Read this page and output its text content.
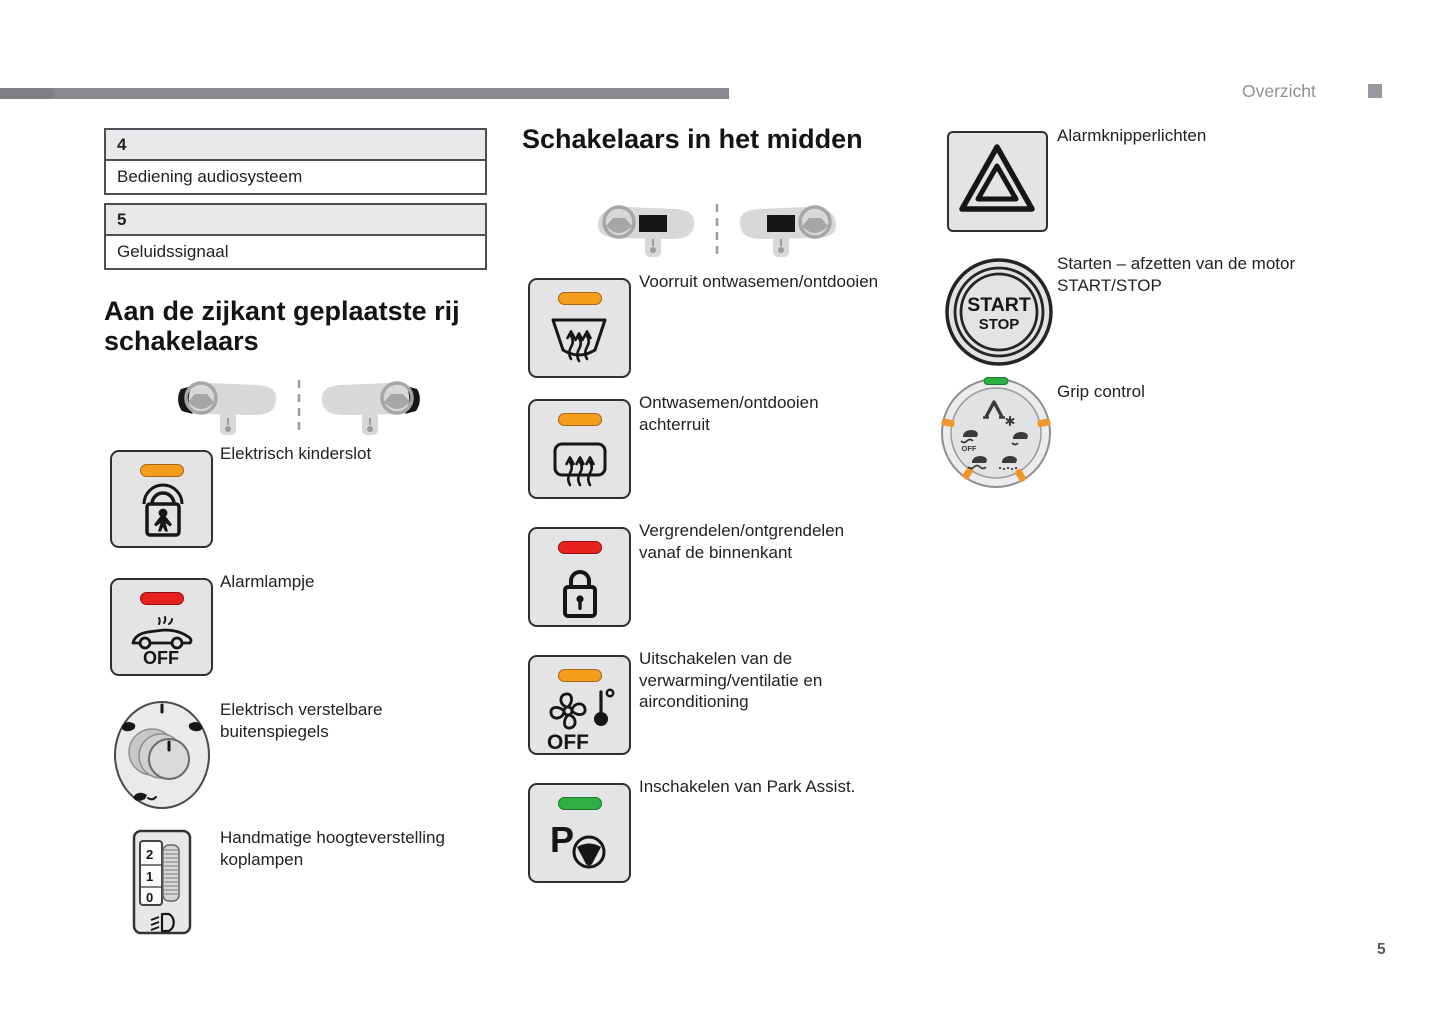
Overzicht
5
4
Bediening audiosysteem
5
Geluidssignaal
Aan de zijkant geplaatste rij
schakelaars
Elektrisch kinderslot
OFF
Alarmlampje
Elektrisch verstelbare
buitenspiegels
2
1
0
Handmatige hoogteverstelling
koplampen
Schakelaars in het midden
Voorruit ontwasemen/ontdooien
Ontwasemen/ontdooien
achterruit
Vergrendelen/ontgrendelen
vanaf de binnenkant
OFF
Uitschakelen van de
verwarming/ventilatie en
airconditioning
P
Inschakelen van Park Assist.
Alarmknipperlichten
START
STOP
Starten – afzetten van de motor
START/STOP
OFF
Grip control
